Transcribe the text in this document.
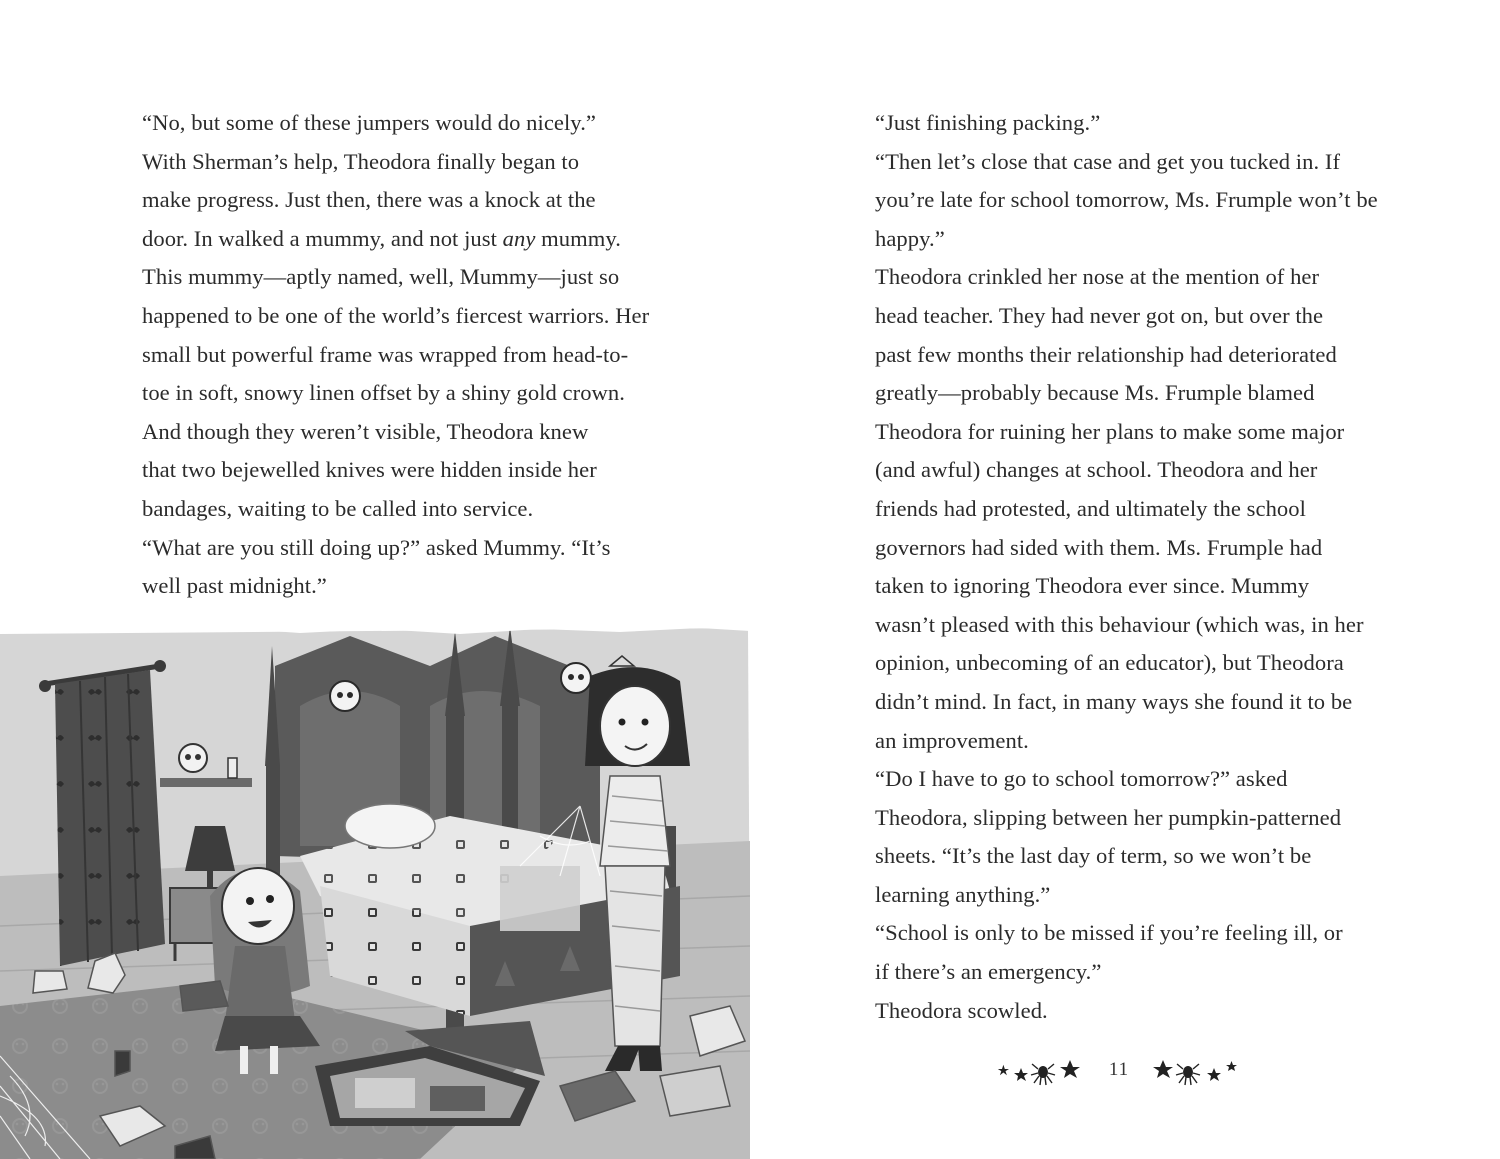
“No, but some of these jumpers would do nicely.”

With Sherman’s help, Theodora finally began to
make progress. Just then, there was a knock at the
door. In walked a mummy, and not just any mummy.
This mummy—aptly named, well, Mummy—just so
happened to be one of the world’s fiercest warriors. Her
small but powerful frame was wrapped from head-to-
toe in soft, snowy linen offset by a shiny gold crown.
And though they weren’t visible, Theodora knew
that two bejewelled knives were hidden inside her
bandages, waiting to be called into service.

“What are you still doing up?” asked Mummy. “It’s
well past midnight.”

“Just finishing packing.”

“Then let’s close that case and get you tucked in. If
you’re late for school tomorrow, Ms. Frumple won’t be
happy.”

Theodora crinkled her nose at the mention of her
head teacher. They had never got on, but over the
past few months their relationship had deteriorated
greatly—probably because Ms. Frumple blamed
Theodora for ruining her plans to make some major
(and awful) changes at school. Theodora and her
friends had protested, and ultimately the school
governors had sided with them. Ms. Frumple had
taken to ignoring Theodora ever since. Mummy
wasn’t pleased with this behaviour (which was, in her
opinion, unbecoming of an educator), but Theodora
didn’t mind. In fact, in many ways she found it to be
an improvement.

“Do I have to go to school tomorrow?” asked
Theodora, slipping between her pumpkin-patterned
sheets. “It’s the last day of term, so we won’t be
learning anything.”

“School is only to be missed if you’re feeling ill, or
if there’s an emergency.”

Theodora scowled.

11
